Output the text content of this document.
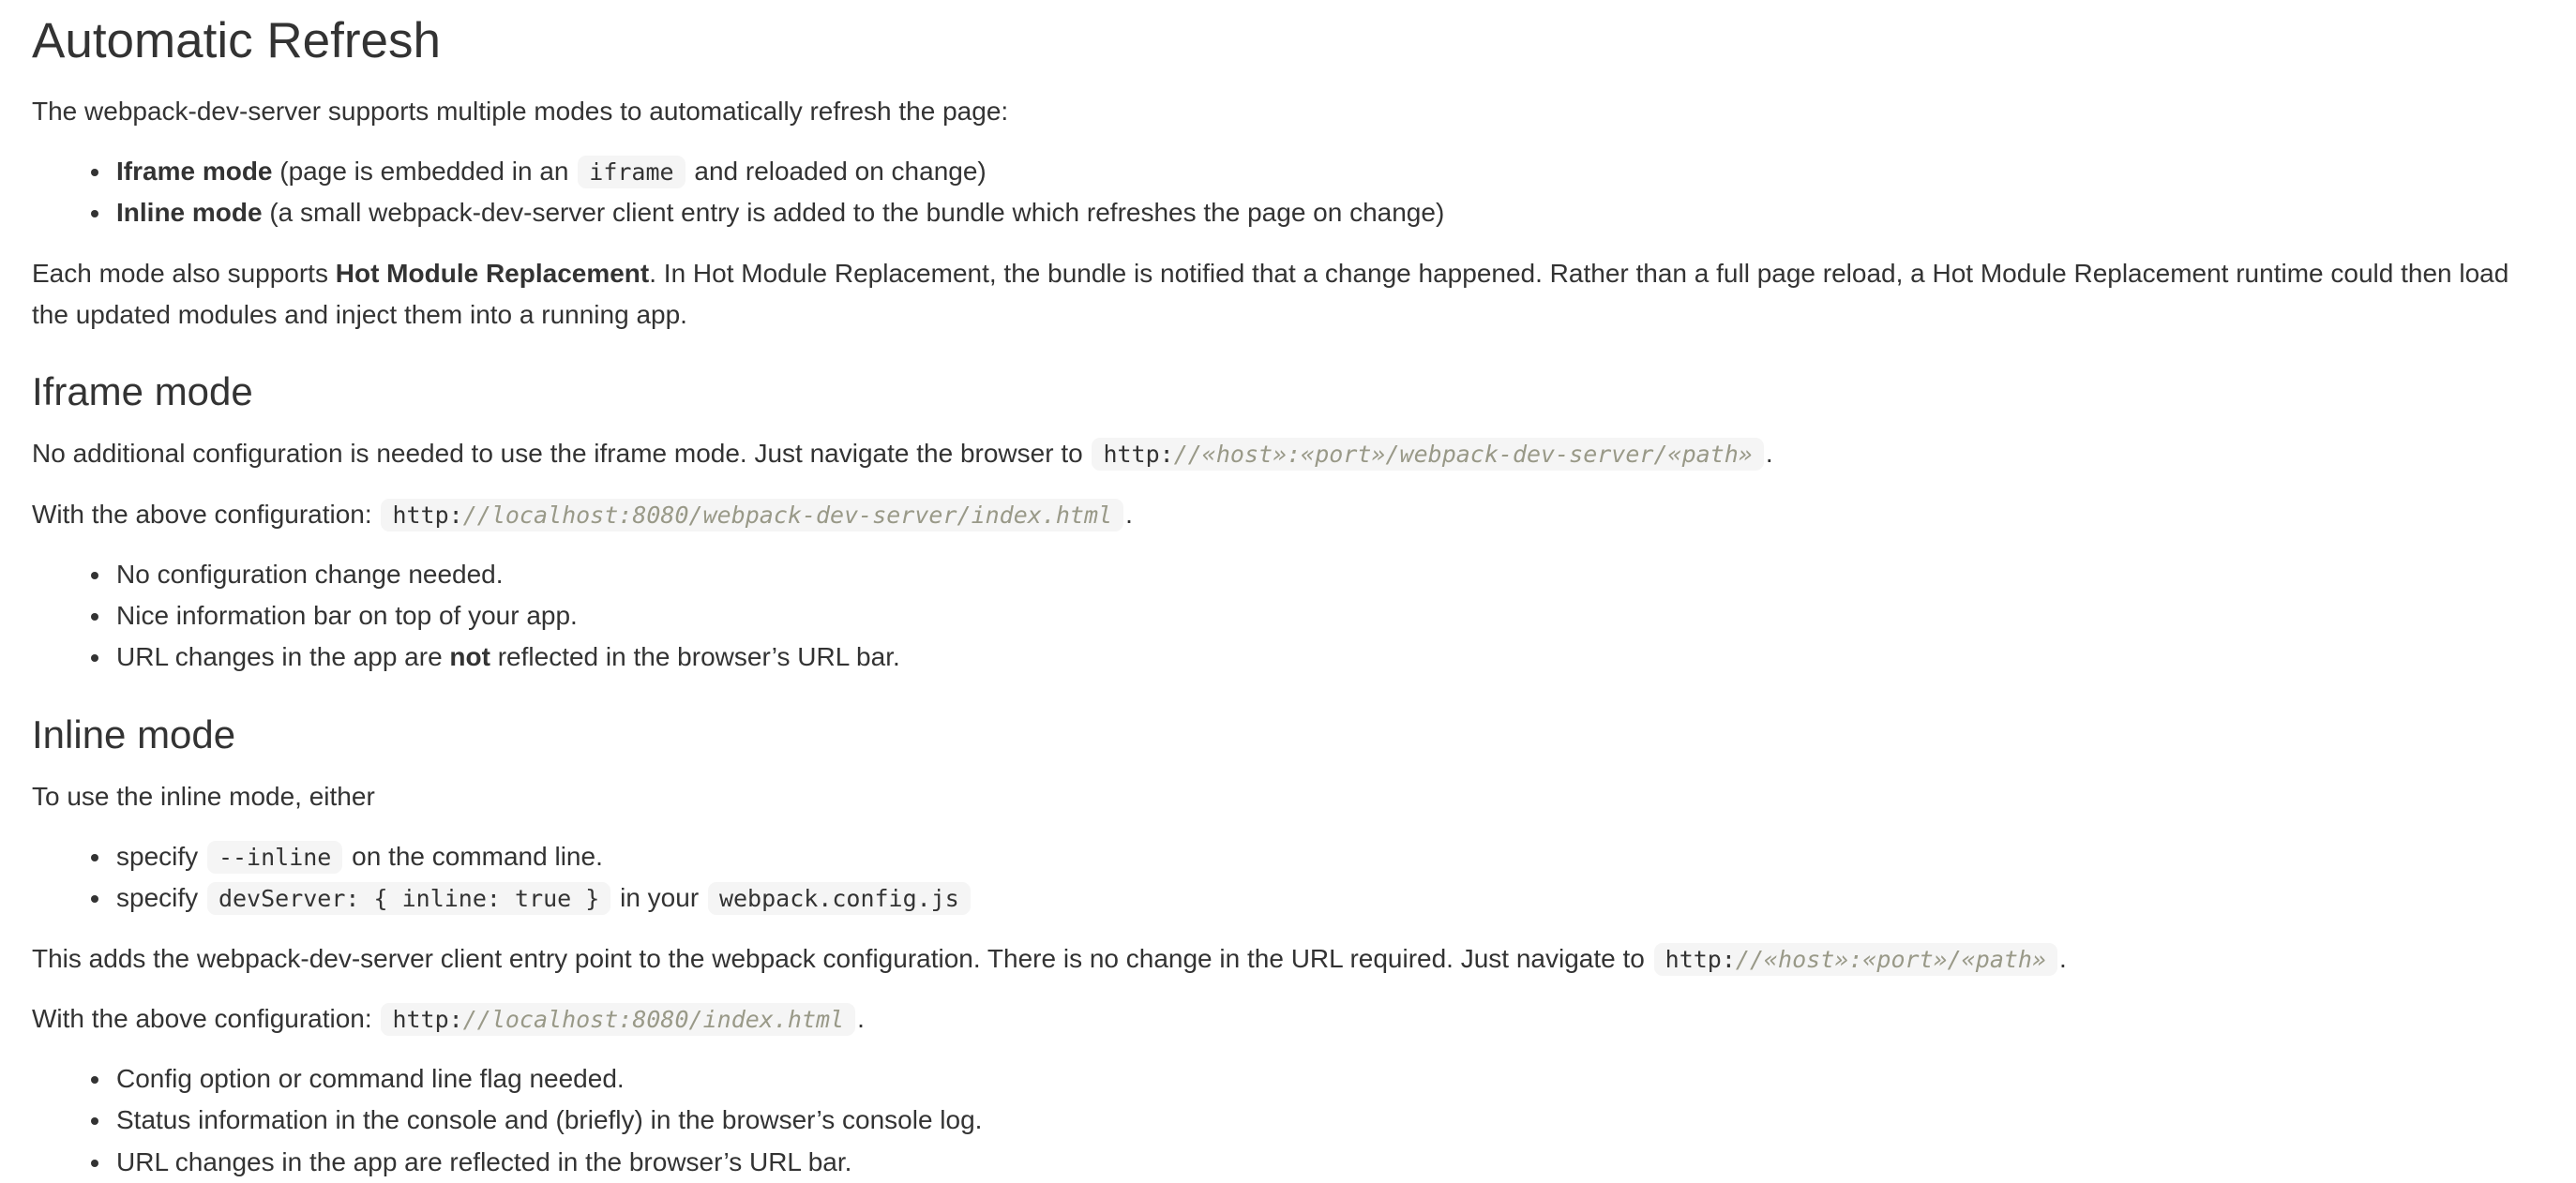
Automatic Refresh

The webpack-dev-server supports multiple modes to automatically refresh the page:

• Iframe mode (page is embedded in an iframe and reloaded on change)
• Inline mode (a small webpack-dev-server client entry is added to the bundle which refreshes the page on change)

Each mode also supports Hot Module Replacement. In Hot Module Replacement, the bundle is notified that a change happened. Rather than a full page reload, a Hot Module Replacement runtime could then load the updated modules and inject them into a running app.

Iframe mode

No additional configuration is needed to use the iframe mode. Just navigate the browser to http://«host»:«port»/webpack-dev-server/«path» .

With the above configuration: http://localhost:8080/webpack-dev-server/index.html .

• No configuration change needed.
• Nice information bar on top of your app.
• URL changes in the app are not reflected in the browser’s URL bar.
Inline mode

To use the inline mode, either

• specify --inline on the command line.
• specify devServer: { inline: true } in your webpack.config.js

This adds the webpack-dev-server client entry point to the webpack configuration. There is no change in the URL required. Just navigate to http://«host»:«port»/«path» .

With the above configuration: http://localhost:8080/index.html .

• Config option or command line flag needed.
• Status information in the console and (briefly) in the browser’s console log.
• URL changes in the app are reflected in the browser’s URL bar.
